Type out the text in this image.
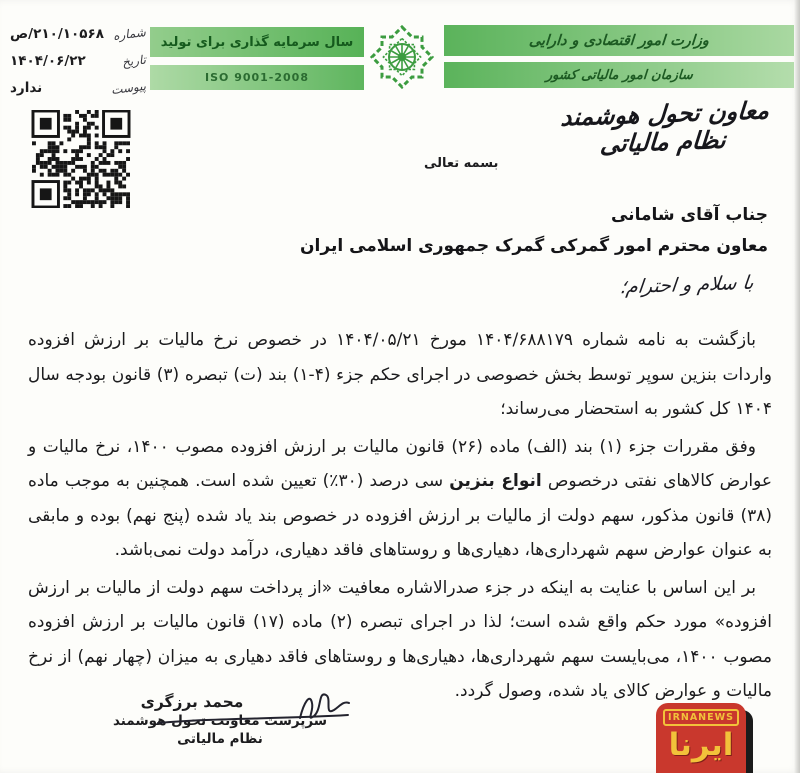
۲۱۰/۱۰۵۶۸/ص شماره
۱۴۰۴/۰۶/۲۲	تاریخ
ندارد	پیوست
سال سرمایه گذاری برای تولید
ISO 9001-2008
وزارت امور اقتصادی و دارایی
سازمان امور مالیاتی کشور
معاون تحول هوشمند نظام مالیاتی
بسمه تعالی
جناب آقای شامانی
معاون محترم امور گمرکی گمرک جمهوری اسلامی ایران
با سلام و احترام؛

بازگشت به نامه شماره ۱۴۰۴/۶۸۸۱۷۹ مورخ ۱۴۰۴/۰۵/۲۱ در خصوص نرخ مالیات بر ارزش افزوده واردات بنزین سوپر توسط بخش خصوصی در اجرای حکم جزء (۴-۱) بند (ت) تبصره (۳) قانون بودجه سال ۱۴۰۴ کل کشور به استحضار می‌رساند؛

وفق مقررات جزء (۱) بند (الف) ماده (۲۶) قانون مالیات بر ارزش افزوده مصوب ۱۴۰۰، نرخ مالیات و عوارض کالاهای نفتی درخصوص انواع بنزین سی درصد (۳۰٪) تعیین شده است. همچنین به موجب ماده (۳۸) قانون مذکور، سهم دولت از مالیات بر ارزش افزوده در خصوص بند یاد شده (پنج نهم) بوده و مابقی به عنوان عوارض سهم شهرداری‌ها، دهیاری‌ها و روستاهای فاقد دهیاری، درآمد دولت نمی‌باشد.

بر این اساس با عنایت به اینکه در جزء صدرالاشاره معافیت «از پرداخت سهم دولت از مالیات بر ارزش افزوده» مورد حکم واقع شده است؛ لذا در اجرای تبصره (۲) ماده (۱۷) قانون مالیات بر ارزش افزوده مصوب ۱۴۰۰، می‌بایست سهم شهرداری‌ها، دهیاری‌ها و روستاهای فاقد دهیاری به میزان (چهار نهم) از نرخ مالیات و عوارض کالای یاد شده، وصول گردد.

محمد برزگری
سرپرست معاونت تحول هوشمند
نظام مالیاتی
IRNANEWS
ایرنا
